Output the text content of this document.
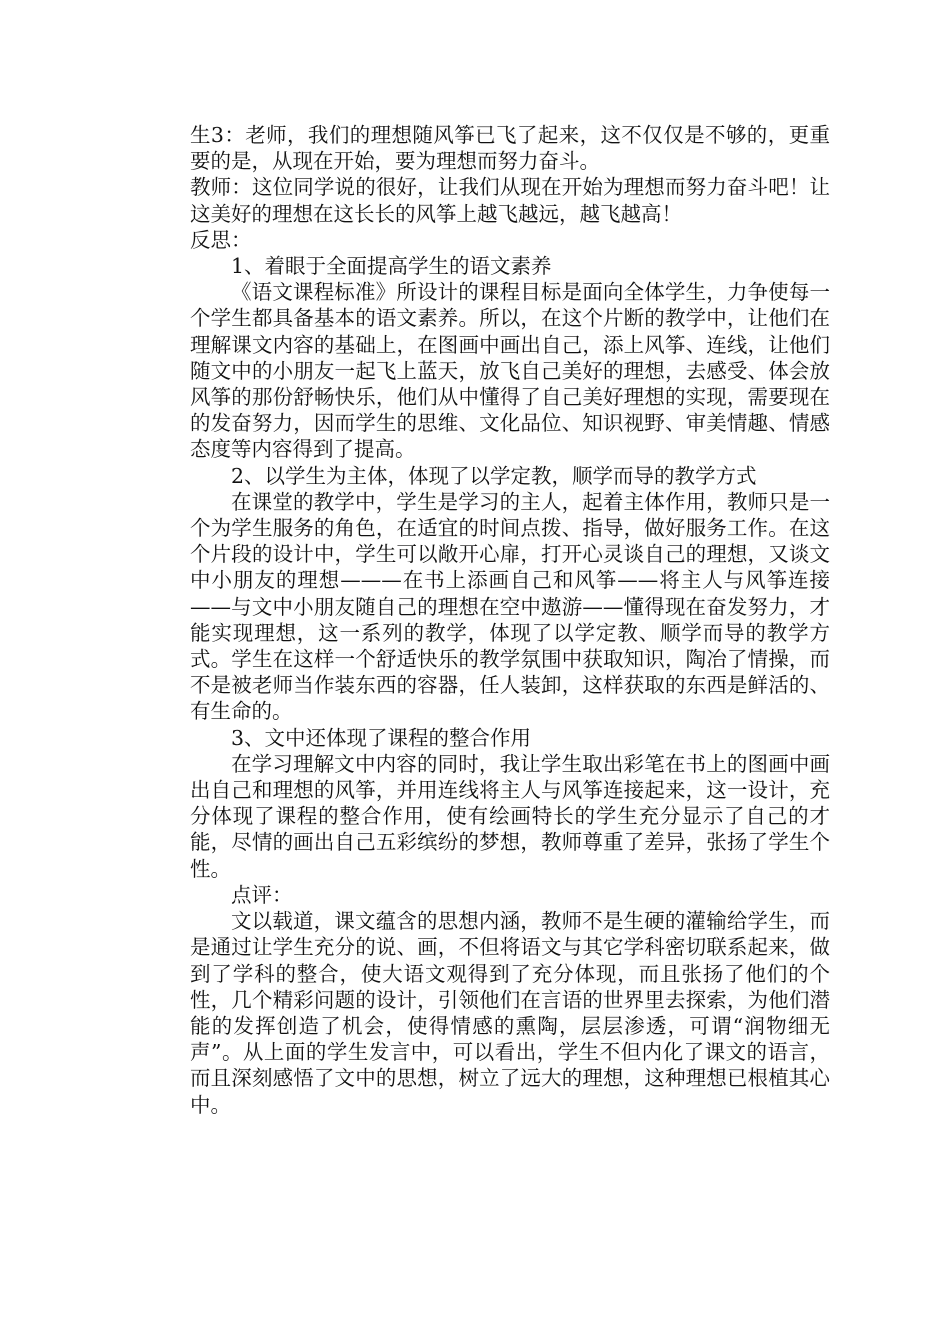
生3：老师，我们的理想随风筝已飞了起来，这不仅仅是不够的，更重要的是，从现在开始，要为理想而努力奋斗。

教师：这位同学说的很好，让我们从现在开始为理想而努力奋斗吧！让这美好的理想在这长长的风筝上越飞越远，越飞越高！

反思：

1、着眼于全面提高学生的语文素养

《语文课程标准》所设计的课程目标是面向全体学生，力争使每一个学生都具备基本的语文素养。所以，在这个片断的教学中，让他们在理解课文内容的基础上，在图画中画出自己，添上风筝、连线，让他们随文中的小朋友一起飞上蓝天，放飞自己美好的理想，去感受、体会放风筝的那份舒畅快乐，他们从中懂得了自己美好理想的实现，需要现在的发奋努力，因而学生的思维、文化品位、知识视野、审美情趣、情感态度等内容得到了提高。

2、以学生为主体，体现了以学定教，顺学而导的教学方式

在课堂的教学中，学生是学习的主人，起着主体作用，教师只是一个为学生服务的角色，在适宜的时间点拨、指导，做好服务工作。在这个片段的设计中，学生可以敞开心扉，打开心灵谈自己的理想，又谈文中小朋友的理想———在书上添画自己和风筝——将主人与风筝连接——与文中小朋友随自己的理想在空中遨游——懂得现在奋发努力，才能实现理想，这一系列的教学，体现了以学定教、顺学而导的教学方式。学生在这样一个舒适快乐的教学氛围中获取知识，陶冶了情操，而不是被老师当作装东西的容器，任人装卸，这样获取的东西是鲜活的、有生命的。

3、文中还体现了课程的整合作用

在学习理解文中内容的同时，我让学生取出彩笔在书上的图画中画出自己和理想的风筝，并用连线将主人与风筝连接起来，这一设计，充分体现了课程的整合作用，使有绘画特长的学生充分显示了自己的才能，尽情的画出自己五彩缤纷的梦想，教师尊重了差异，张扬了学生个性。

点评：

文以载道，课文蕴含的思想内涵，教师不是生硬的灌输给学生，而是通过让学生充分的说、画，不但将语文与其它学科密切联系起来，做到了学科的整合，使大语文观得到了充分体现，而且张扬了他们的个性，几个精彩问题的设计，引领他们在言语的世界里去探索，为他们潜能的发挥创造了机会，使得情感的熏陶，层层渗透，可谓“润物细无声”。从上面的学生发言中，可以看出，学生不但内化了课文的语言，而且深刻感悟了文中的思想，树立了远大的理想，这种理想已根植其心中。
